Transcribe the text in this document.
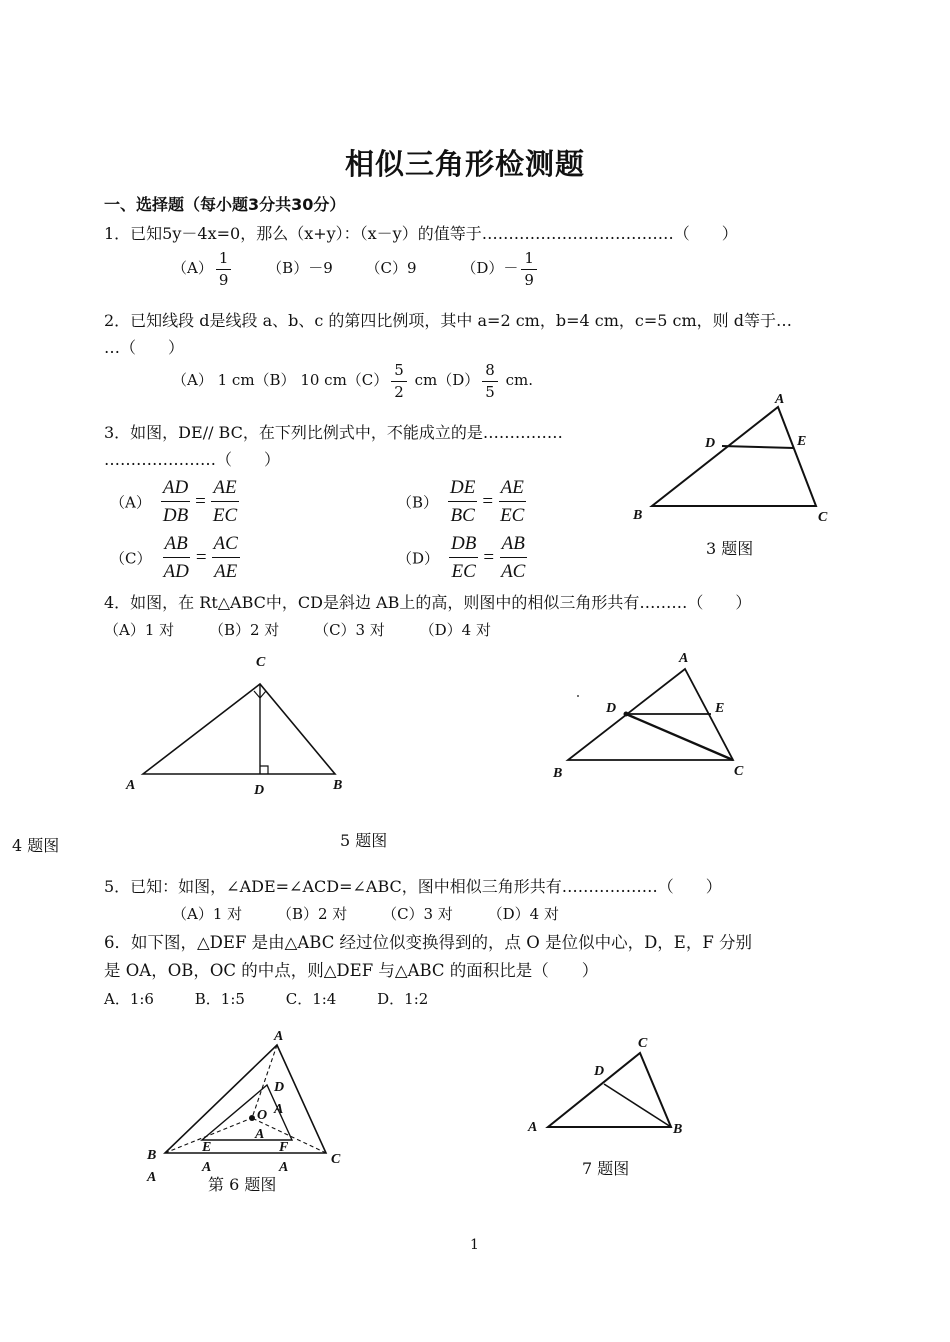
相似三角形检测题
一、选择题（每小题3分共30分）
1．已知5y－4x=0，那么（x+y）：（x－y）的值等于………………………………（　　）
$(A) \frac{1}{9} (B)-9$ （C）9	$(D)- \frac{1}{9}$
2．已知线段 d是线段 a、b、c 的第四比例项，其中 a=2 cm，b=4 cm，c=5 cm，则 d等于…
…（　　）
（A） 1 cm（B） 10 $cm(C) \frac{5}{2} cm(D) \frac{8}{5}$ cm.
A
D	E
B	C
3 题图
3．如图，DE// BC，在下列比例式中，不能成立的是……………
…………………（　　）
$(A) \frac{AD}{DB} = \frac{AE}{EC}$	$(B) \frac{DE}{BC} = \frac{AE}{EC}$
$(C) \frac{AB}{AD} = \frac{AC}{AE}$	$(D) \frac{DB}{EC} = \frac{AB}{AC}$
4．如图，在 Rt△ABC中，CD是斜边 AB上的高，则图中的相似三角形共有………（　　）
（A）1 对 （B）2 对 （C）3 对 （D）4 对
C
A	D	B
A
D	E
B	C
5 题图
4 题图
5．已知：如图，∠ADE=∠ACD=∠ABC，图中相似三角形共有………………（　　）
（A）1 对 （B）2 对 （C）3 对 （D）4 对
6．如下图，△DEF 是由△ABC 经过位似变换得到的，点 O 是位似中心，D，E，F 分别
是 OA，OB，OC 的中点，则△DEF 与△ABC 的面积比是（　　）
A．1:6	B．1:5	C．1:4	D．1:2
A
D
A
O
A
E	F
B	C
A	A
A	第 6 题图
C
D
A	B
7 题图
1
